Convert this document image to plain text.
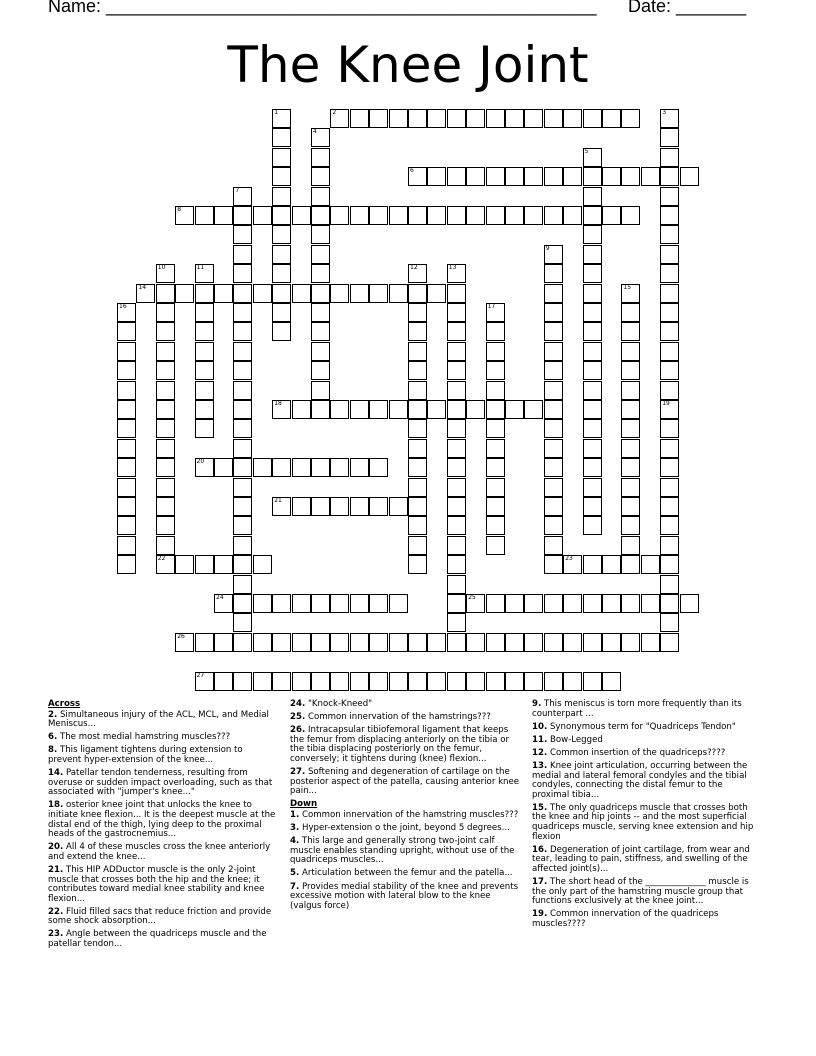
Name: _________________________________________________ Date: _______
The Knee Joint
2
6
8
14
18
20
21
22	23
24	25
26
27
1	3
19
4
5
7
9
10	11	12	13
15
16	17
Across
2. Simultaneous injury of the ACL, MCL, and Medial Meniscus...
6. The most medial hamstring muscles???
8. This ligament tightens during extension to prevent hyper-extension of the knee...
14. Patellar tendon tenderness, resulting from overuse or sudden impact overloading, such as that associated with "jumper's knee..."
18. osterior knee joint that unlocks the knee to initiate knee flexion... It is the deepest muscle at the distal end of the thigh, lying deep to the proximal heads of the gastrocnemius...
20. All 4 of these muscles cross the knee anteriorly and extend the knee...
21. This HIP ADDuctor muscle is the only 2-joint muscle that crosses both the hip and the knee; it contributes toward medial knee stability and knee flexion...
22. Fluid filled sacs that reduce friction and provide some shock absorption...
23. Angle between the quadriceps muscle and the patellar tendon...
24. "Knock-Kneed"
25. Common innervation of the hamstrings???
26. Intracapsular tibiofemoral ligament that keeps the femur from displacing anteriorly on the tibia or the tibia displacing posteriorly on the femur, conversely; it tightens during (knee) flexion...
27. Softening and degeneration of cartilage on the posterior aspect of the patella, causing anterior knee pain...
Down
1. Common innervation of the hamstring muscles???
3. Hyper-extension o the joint, beyond 5 degrees...
4. This large and generally strong two-joint calf muscle enables standing upright, without use of the quadriceps muscles...
5. Articulation between the femur and the patella...
7. Provides medial stability of the knee and prevents excessive motion with lateral blow to the knee (valgus force)
9. This meniscus is torn more frequently than its counterpart ...
10. Synonymous term for "Quadriceps Tendon"
11. Bow-Legged
12. Common insertion of the quadriceps????
13. Knee joint articulation, occurring between the medial and lateral femoral condyles and the tibial condyles, connecting the distal femur to the proximal tibia...
15. The only quadriceps muscle that crosses both the knee and hip joints -- and the most superficial quadriceps muscle, serving knee extension and hip flexion
16. Degeneration of joint cartilage, from wear and tear, leading to pain, stiffness, and swelling of the affected joint(s)...
17. The short head of the ______________ muscle is the only part of the hamstring muscle group that functions exclusively at the knee joint...
19. Common innervation of the quadriceps muscles????
